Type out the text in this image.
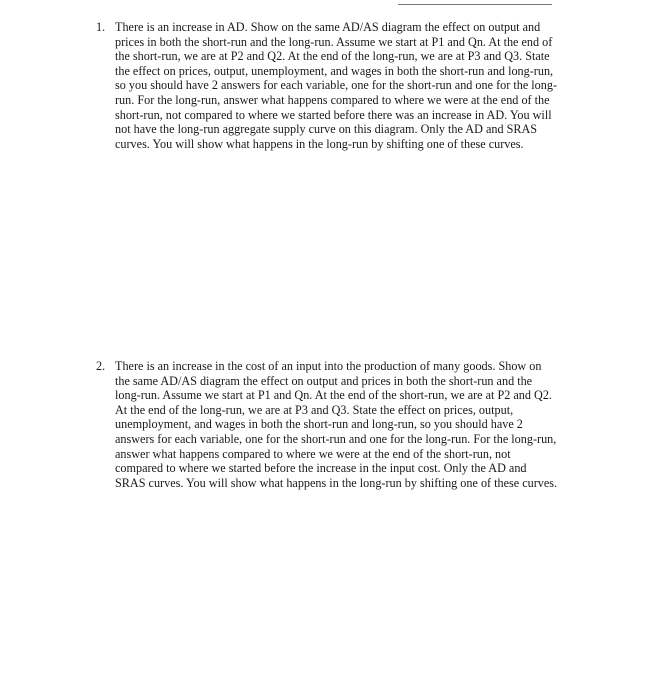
1. There is an increase in AD. Show on the same AD/AS diagram the effect on output and prices in both the short-run and the long-run. Assume we start at P1 and Qn. At the end of the short-run, we are at P2 and Q2. At the end of the long-run, we are at P3 and Q3. State the effect on prices, output, unemployment, and wages in both the short-run and long-run, so you should have 2 answers for each variable, one for the short-run and one for the long-run. For the long-run, answer what happens compared to where we were at the end of the short-run, not compared to where we started before there was an increase in AD. You will not have the long-run aggregate supply curve on this diagram. Only the AD and SRAS curves. You will show what happens in the long-run by shifting one of these curves.
2. There is an increase in the cost of an input into the production of many goods. Show on the same AD/AS diagram the effect on output and prices in both the short-run and the long-run. Assume we start at P1 and Qn. At the end of the short-run, we are at P2 and Q2. At the end of the long-run, we are at P3 and Q3. State the effect on prices, output, unemployment, and wages in both the short-run and long-run, so you should have 2 answers for each variable, one for the short-run and one for the long-run. For the long-run, answer what happens compared to where we were at the end of the short-run, not compared to where we started before the increase in the input cost. Only the AD and SRAS curves. You will show what happens in the long-run by shifting one of these curves.
